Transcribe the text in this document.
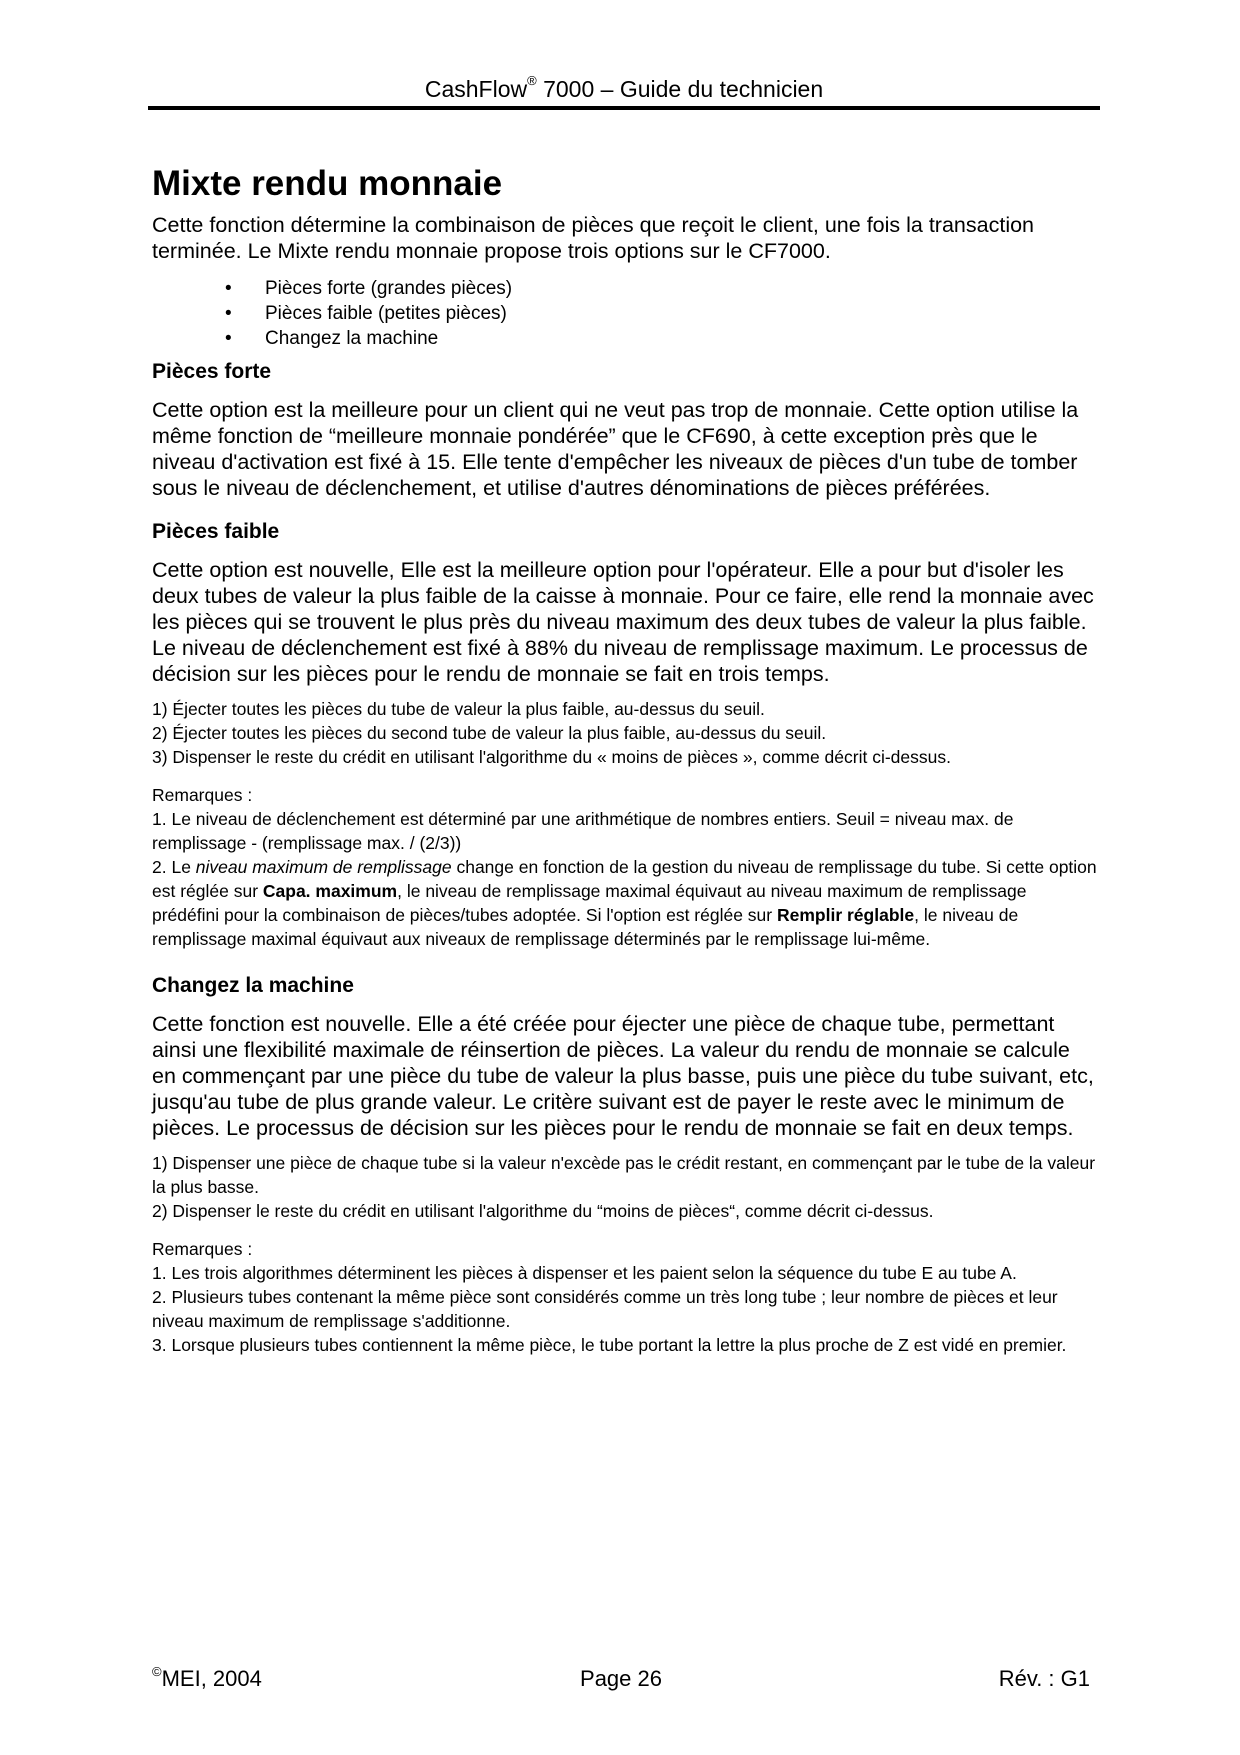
CashFlow® 7000 – Guide du technicien
Mixte rendu monnaie

Cette fonction détermine la combinaison de pièces que reçoit le client, une fois la transaction terminée. Le Mixte rendu monnaie propose trois options sur le CF7000.

• Pièces forte (grandes pièces)
• Pièces faible (petites pièces)
• Changez la machine
Pièces forte

Cette option est la meilleure pour un client qui ne veut pas trop de monnaie. Cette option utilise la même fonction de “meilleure monnaie pondérée” que le CF690, à cette exception près que le niveau d'activation est fixé à 15. Elle tente d'empêcher les niveaux de pièces d'un tube de tomber sous le niveau de déclenchement, et utilise d'autres dénominations de pièces préférées.

Pièces faible

Cette option est nouvelle, Elle est la meilleure option pour l'opérateur. Elle a pour but d'isoler les deux tubes de valeur la plus faible de la caisse à monnaie. Pour ce faire, elle rend la monnaie avec les pièces qui se trouvent le plus près du niveau maximum des deux tubes de valeur la plus faible. Le niveau de déclenchement est fixé à 88% du niveau de remplissage maximum. Le processus de décision sur les pièces pour le rendu de monnaie se fait en trois temps.

1) Éjecter toutes les pièces du tube de valeur la plus faible, au-dessus du seuil.
2) Éjecter toutes les pièces du second tube de valeur la plus faible, au-dessus du seuil.
3) Dispenser le reste du crédit en utilisant l'algorithme du « moins de pièces », comme décrit ci-dessus.
Remarques :
1. Le niveau de déclenchement est déterminé par une arithmétique de nombres entiers. Seuil = niveau max. de remplissage - (remplissage max. / (2/3))
2. Le niveau maximum de remplissage change en fonction de la gestion du niveau de remplissage du tube. Si cette option est réglée sur Capa. maximum, le niveau de remplissage maximal équivaut au niveau maximum de remplissage prédéfini pour la combinaison de pièces/tubes adoptée. Si l'option est réglée sur Remplir réglable, le niveau de remplissage maximal équivaut aux niveaux de remplissage déterminés par le remplissage lui-même.
Changez la machine

Cette fonction est nouvelle. Elle a été créée pour éjecter une pièce de chaque tube, permettant ainsi une flexibilité maximale de réinsertion de pièces. La valeur du rendu de monnaie se calcule en commençant par une pièce du tube de valeur la plus basse, puis une pièce du tube suivant, etc, jusqu'au tube de plus grande valeur. Le critère suivant est de payer le reste avec le minimum de pièces. Le processus de décision sur les pièces pour le rendu de monnaie se fait en deux temps.

1) Dispenser une pièce de chaque tube si la valeur n'excède pas le crédit restant, en commençant par le tube de la valeur la plus basse.
2) Dispenser le reste du crédit en utilisant l'algorithme du “moins de pièces“, comme décrit ci-dessus.
Remarques :
1. Les trois algorithmes déterminent les pièces à dispenser et les paient selon la séquence du tube E au tube A.
2. Plusieurs tubes contenant la même pièce sont considérés comme un très long tube ; leur nombre de pièces et leur niveau maximum de remplissage s'additionne.
3. Lorsque plusieurs tubes contiennent la même pièce, le tube portant la lettre la plus proche de Z est vidé en premier.
©MEI, 2004	Page 26	Rév. : G1
